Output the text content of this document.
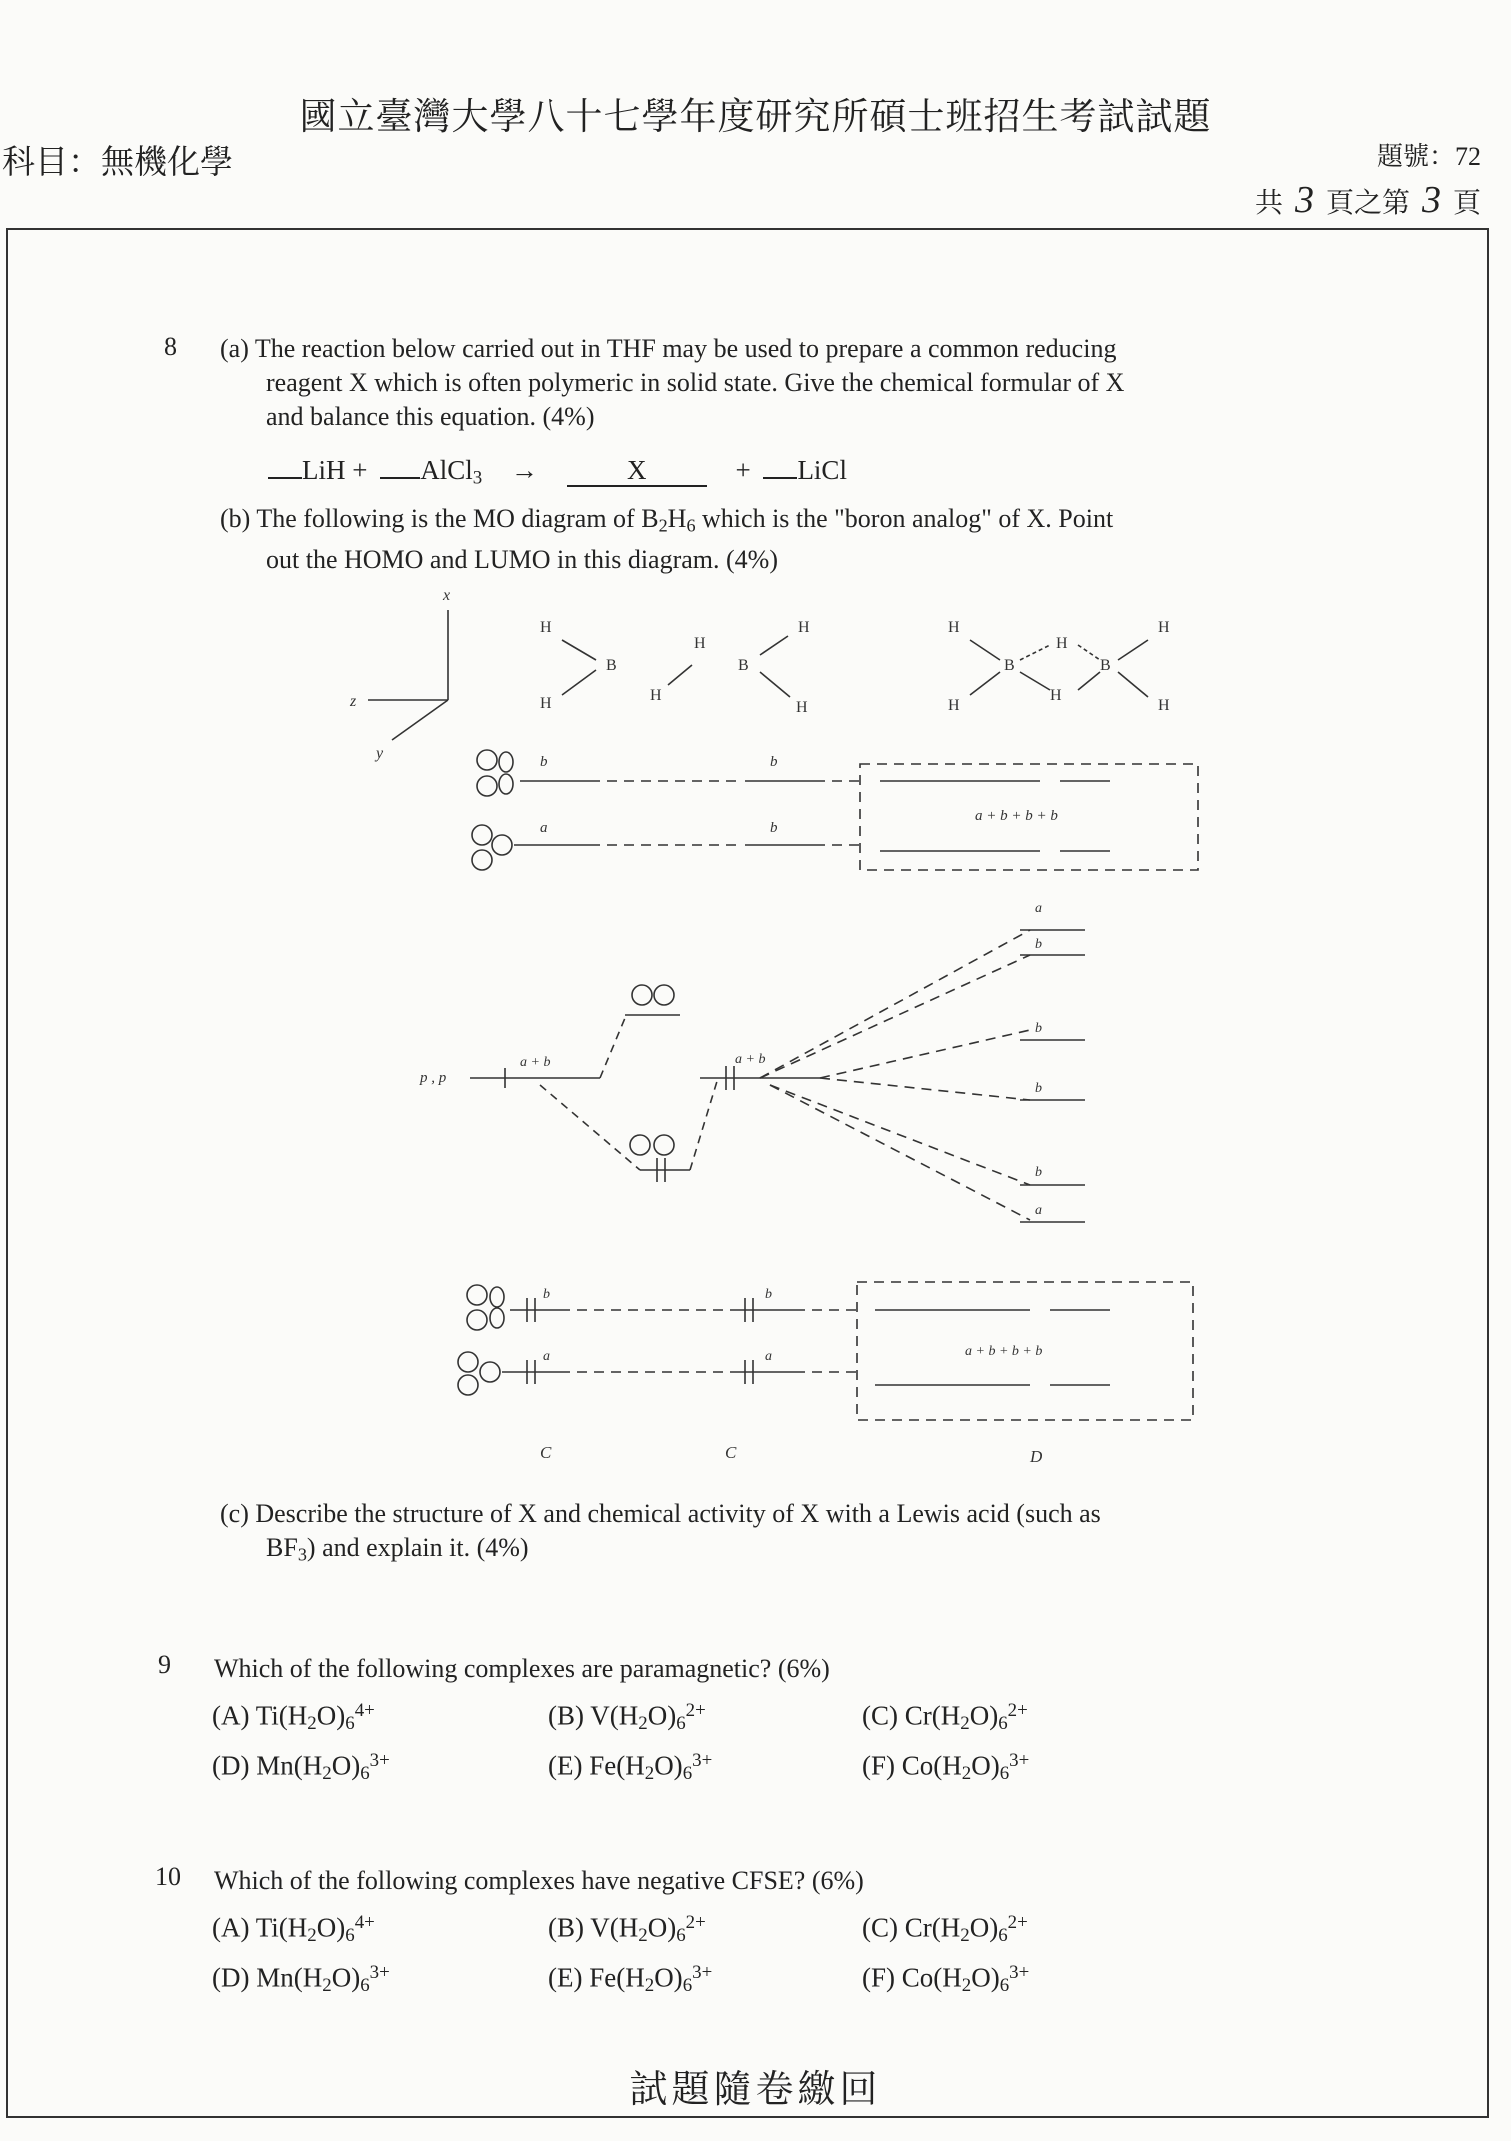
國立臺灣大學八十七學年度研究所碩士班招生考試試題
科目：無機化學	題號：72
共 3 頁之第 3 頁
8 (a) The reaction below carried out in THF may be used to prepare a common reducing
reagent X which is often polymeric in solid state. Give the chemical formular of X
and balance this equation. (4%)
LiH + AlCl$_3$ →	X	+ LiCl
(b) The following is the MO diagram of $B_2H_6$ which is the "boron analog" of X. Point
out the HOMO and LUMO in this diagram. (4%)
x
z
y
H
H
B
H
H
B
H
H
H
H
B
H
H
B
H
H
b	b
a	b
a + b + b + b
p , p
a + b	a + b
a
b
b
b
b
a
b	b
a	a	a + b + b + b
C	C	D
(c) Describe the structure of X and chemical activity of X with a Lewis acid (such as
$BF_3$) and explain it. (4%)
9 Which of the following complexes are paramagnetic? (6%)
(A) $Ti(H_2O)_6^{4+}$	(B) $V(H_2O)_6^{2+}$	(C) $Cr(H_2O)_6^{2+}$
(D) $Mn(H_2O)_6^{3+}$	(E) $Fe(H_2O)_6^{3+}$	(F) $Co(H_2O)_6^{3+}$
10 Which of the following complexes have negative CFSE? (6%)
(A) $Ti(H_2O)_6^{4+}$	(B) $V(H_2O)_6^{2+}$	(C) $Cr(H_2O)_6^{2+}$
(D) $Mn(H_2O)_6^{3+}$	(E) $Fe(H_2O)_6^{3+}$	(F) $Co(H_2O)_6^{3+}$
試題隨卷繳回
